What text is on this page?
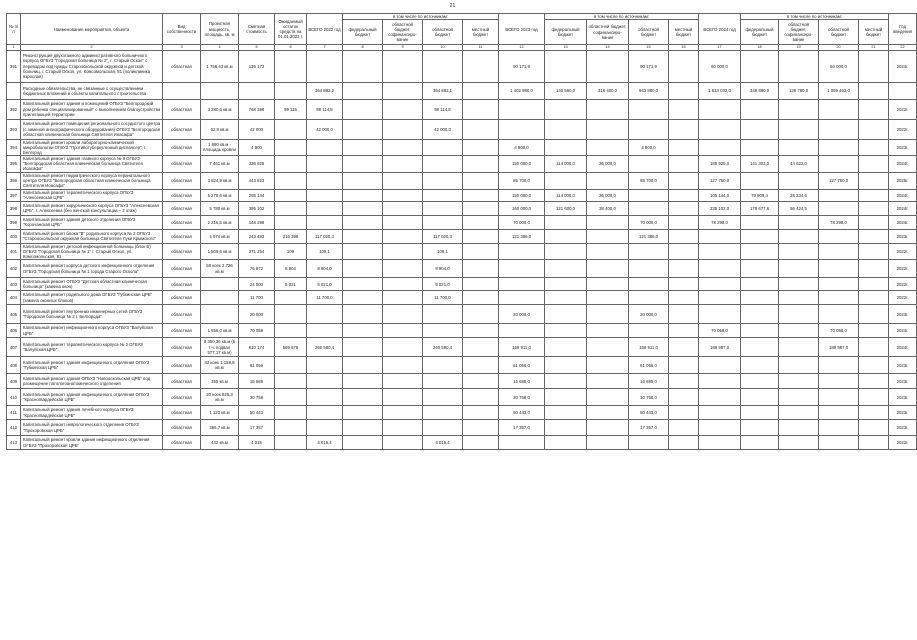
21
№ п/п	Наименование мероприятия, объекта	Вид собственности	Проектная мощность, площадь, кв. м	Сметная стоимость	Ожидаемый остаток средств на 01.01.2022 г.	ВСЕГО 2022 год	в том числе по источникам:				ВСЕГО 2023 год	в том числе по источникам:				ВСЕГО 2024 год	в том числе по источникам:				Год введения
							федеральный бюджет	областной бюджет, софинансиро-вание	областной бюджет	местный бюджет		федеральный бюджет	областной бюджет, софинансиро-вание	областной бюджет	местный бюджет		федеральный бюджет	областной бюджет, софинансиро-вание	областной бюджет	местный бюджет	
1	2	3	4	5	6	7	8	9	10	11	12	13	14	15	16	17	18	19	20	21	22
391	Реконструкция двухэтажного административного больничного корпуса ОГБУЗ "Городская больница № 2", г. Старый Оскол" с переводом под нужды Старооскольской окружной и детской больниц, г. Старый Оскол, ул. Комсомольская, 81 (поликлиника взрослая)	областная	1 756,43 кв.м	135 172							90 171,9			90 171,9		60 000,0			60 000,0		2024г.
	Расходные обязательства, не связанные с осуществлением бюджетных вложений в объекты капитального строительства					364 882,2			364 882,1		1 402 980,0	140 560,0	318 400,0	943 880,0		1 533 032,0	349 880,0	128 780,0	1 069 463,0		
392	Капитальный ремонт здания и помещений ОГБУЗ "Белгородский дом ребенка специализированный" с выполнением благоустройства прилегающей территории	областная	3 280,6 кв.м	768 398	99 115	98 114,8			98 114,8												2022г.
393	Капитальный ремонт помещения регионального сосудистого центра (с заменой ангиографического оборудования) ОГБУЗ "Белгородская областная клиническая больница Святителя Иоасафа"	областная	52,9 кв.м	42 000		42 000,0			42 000,0												2022г.
394	Капитальный ремонт кровли лабораторно-клинической микробиологии ОГБУЗ "Противотуберкулезный диспансер", г. Белгород	областная	1 890 кв.м - площадь кровли	4 900							4 900,0			4 900,0							2023г.
395	Капитальный ремонт здания главного корпуса № 8 ОГБУЗ "Белгородская областная клиническая больница Святителя Иоасафа"	областная	7 461 кв.м	336 925							150 000,0	114 000,0	36 000,0			185 925,0	141 303,0	44 622,0			2024г.
396	Капитальный ремонт педиатрического корпуса перинатального центра ОГБУЗ "Белгородская областная клиническая больница Святителя Иоасафа"	областная	3 824,9 кв.м	443 823							85 700,0			85 700,0		127 750,0			127 750,0		2025г.
397	Капитальный ремонт терапевтического корпуса ОГБУЗ "Алексеевская ЦРБ"	областная	5 278,6 кв.м	255 144							150 000,0	114 000,0	36 000,0			105 144,0	79 909,4	25 234,6			2024г.
398	Капитальный ремонт хирургического корпуса ОГБУЗ "Алексеевская ЦРБ", г. Алексеевка (без женской консультации – 2 этаж)	областная	5 780 кв.м	395 102							160 000,0	121 600,0	38 400,0			235 102,0	178 677,6	56 424,5			2024г.
399	Капитальный ремонт здания детского отделения ОГБУЗ "Корочанская ЦРБ"	областная	2 216,5 кв.м	148 298							70 000,0			70 000,0		78 298,0			78 298,0		2024г.
400	Капитальный ремонт блока "В" родильного корпуса № 2 ОГБУЗ "Старооскольская окружная больница Святителя Луки Крымского"	областная	4 974 кв.м	243 483	216 396	117 020,3			117 020,3		121 386,0			121 386,0							2023г.
401	Капитальный ремонт детской инфекционной больницы (блок Б) ОГБУЗ "Городская больница № 1" г. Старый Оскол, ул. Комсомольская, 81	областная	1 509,6 кв.м	271 254	109	109,1			109,1												2022г.
402	Капитальный ремонт корпуса детского инфекционного отделения ОГБУЗ "Городская больница № 1 города Старого Оскола"	областная	58 коек 2 726 кв.м	76 872	8 904	8 904,0			8 904,0												2022г.
403	Капитальный ремонт ОГБУЗ "Детская областная клиническая больница" (замена окон)	областная		24 000	5 021	5 021,0			5 021,0												2022г.
404	Капитальный ремонт родильного дома ОГБУЗ "Губкинская ЦРБ" (замена оконных блоков)	областная		11 700		11 700,0			11 700,0												2022г.
405	Капитальный ремонт внутренних инженерных сетей ОГБУЗ "Городская больница № 2 г. Белгорода"	областная		20 000							20 000,0			20 000,0							2023г.
406	Капитальный ремонт инфекционного корпуса ОГБУЗ "Валуйская ЦРБ"	областная	1 556,0 кв.м	70 058												70 058,0			70 058,0		2024г.
407	Капитальный ремонт терапевтического корпуса № 2 ОГБУЗ "Валуйская ЦРБ"	областная	8 350,36 кв.м (в т.ч. подвал 577,17 кв.м)	610 174	569 678	260 580,4			260 580,4		159 911,0			159 911,0		189 987,0			189 987,0		2024г.
408	Капитальный ремонт здания инфекционного отделения ОГБУЗ "Губкинская ЦРБ"	областная	32 коек 1 158,9 кв.м	61 056							61 056,0			61 056,0							2023г.
409	Капитальный ремонт здания ОГБУЗ "Новооскольская ЦРБ" под размещение патологоанатомического отделения	областная	355 кв.м	16 685							16 685,0			16 685,0							2023г.
410	Капитальный ремонт здания инфекционного отделения ОГБУЗ "Красногвардейская ЦРБ"	областная	20 коек 825,3 кв.м	30 758							30 758,0			30 758,0							2023г.
411	Капитальный ремонт здания лечебного корпуса ОГБУЗ "Красногвардейская ЦРБ"	областная	1 123 кв.м	50 443							50 443,0			50 443,0							2023г.
412	Капитальный ремонт неврологического отделения ОГБУЗ "Прохоровская ЦРБ"	областная	365,7 кв.м	17 357							17 357,0			17 357,0							2023г.
413	Капитальный ремонт кровли здания инфекционного отделения ОГБУЗ "Прохоровская ЦРБ"	областная	442 кв.м	4 015		4 015,4			4 015,4												2022г.
